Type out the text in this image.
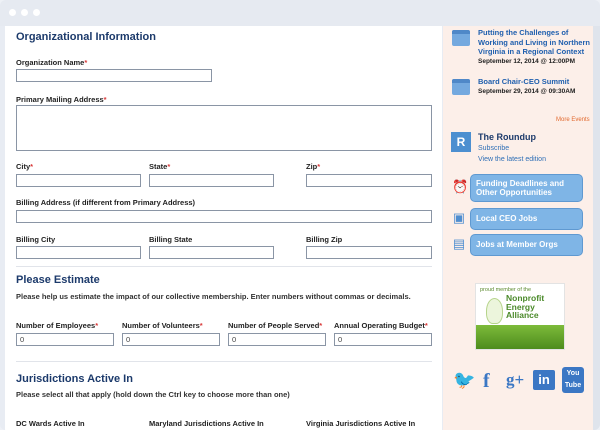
Organizational Information
Organization Name*
Primary Mailing Address*
City*	State*	Zip*
Billing Address (if different from Primary Address)
Billing City	Billing State	Billing Zip
Please Estimate
Please help us estimate the impact of our collective membership. Enter numbers without commas or decimals.
Number of Employees*
0
Number of Volunteers*
0
Number of People Served*
0
Annual Operating Budget*
0
Jurisdictions Active In
Please select all that apply (hold down the Ctrl key to choose more than one)
DC Wards Active In	Maryland Jurisdictions Active In	Virginia Jurisdictions Active In
Putting the Challenges of Working and Living in Northern Virginia in a Regional Context
September 12, 2014 @ 12:00PM
Board Chair-CEO Summit
September 29, 2014 @ 09:30AM
More Events
R	The Roundup
Subscribe
View the latest edition
⏰ Funding Deadlines and Other Opportunities
▣ Local CEO Jobs
▤ Jobs at Member Orgs
proud member of the
Nonprofit Energy Alliance
🐦 f g+	in	You
Tube
